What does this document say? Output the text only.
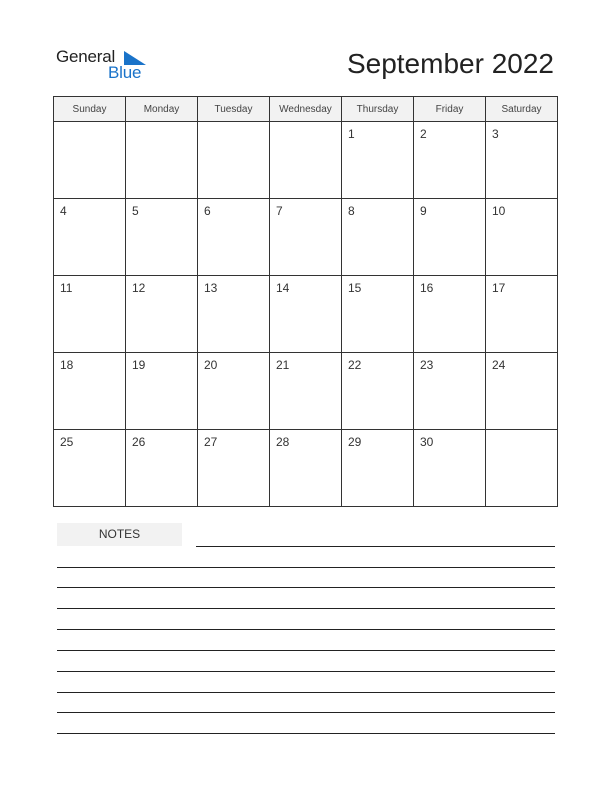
General
Blue	September 2022
Sunday	Monday	Tuesday	Wednesday	Thursday	Friday	Saturday

				1	2	3

4	5	6	7	8	9	10

11	12	13	14	15	16	17

18	19	20	21	22	23	24

25	26	27	28	29	30	

NOTES
